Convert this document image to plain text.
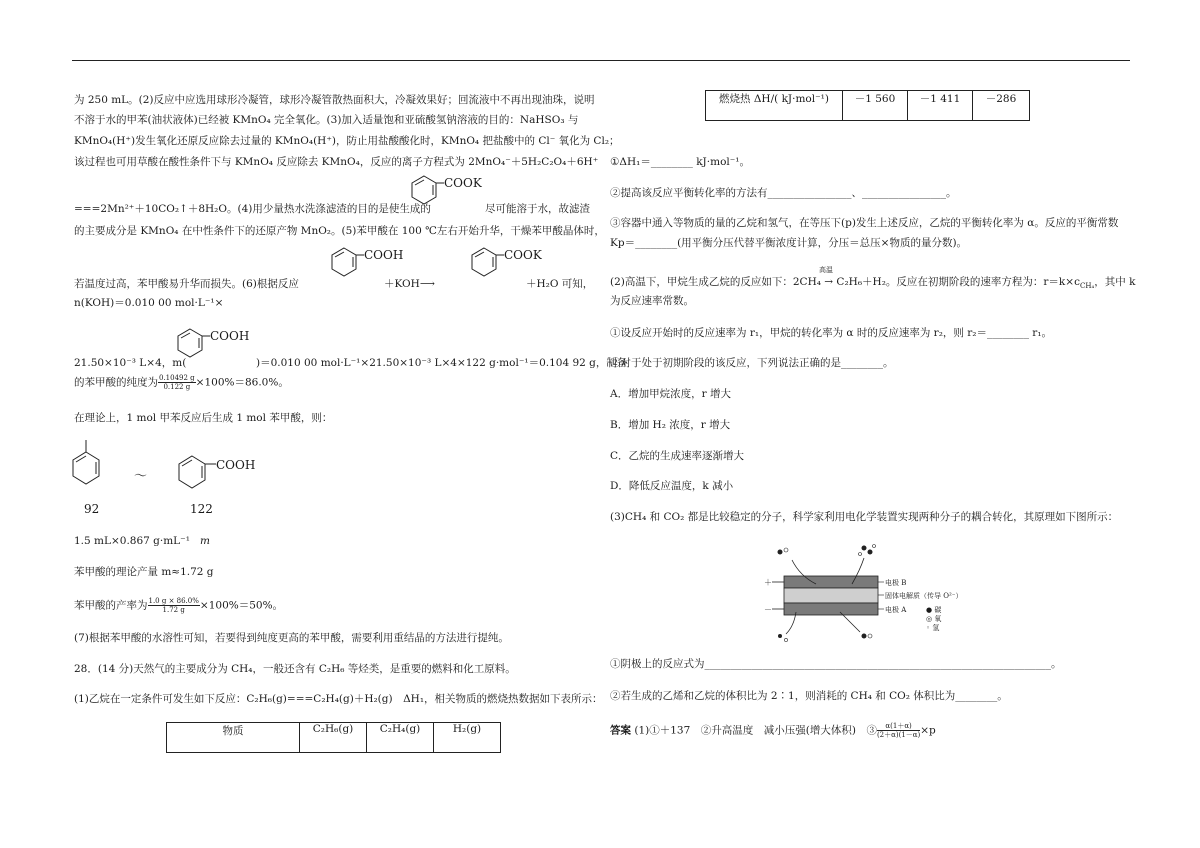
为 250 mL。(2)反应中应选用球形冷凝管，球形冷凝管散热面积大，冷凝效果好；回流液中不再出现油珠，说明
不溶于水的甲苯(油状液体)已经被 KMnO₄ 完全氧化。(3)加入适量饱和亚硫酸氢钠溶液的目的：NaHSO₃ 与
KMnO₄(H⁺)发生氧化还原反应除去过量的 KMnO₄(H⁺)，防止用盐酸酸化时，KMnO₄ 把盐酸中的 Cl⁻ 氧化为 Cl₂；
该过程也可用草酸在酸性条件下与 KMnO₄ 反应除去 KMnO₄，反应的离子方程式为 2MnO₄⁻＋5H₂C₂O₄＋6H⁺
COOK
===2Mn²⁺＋10CO₂↑＋8H₂O。(4)用少量热水洗涤滤渣的目的是使生成的	尽可能溶于水，故滤渣
的主要成分是 KMnO₄ 在中性条件下的还原产物 MnO₂。(5)苯甲酸在 100 ℃左右开始升华，干燥苯甲酸晶体时，
COOH	COOK
若温度过高，苯甲酸易升华而损失。(6)根据反应	＋KOH⟶	＋H₂O 可知，
n(KOH)＝0.010 00 mol·L⁻¹×
COOH
21.50×10⁻³ L×4，m(	)＝0.010 00 mol·L⁻¹×21.50×10⁻³ L×4×122 g·mol⁻¹＝0.104 92 g，制备
的苯甲酸的纯度为 $\frac{0.10492 g}{0.122 g} \times 100\%=86.0\%$。
在理论上，1 mol 甲苯反应后生成 1 mol 苯甲酸，则：
～
COOH
92	122
1.5 mL×0.867 g·mL⁻¹ m
苯甲酸的理论产量 m≈1.72 g
苯甲酸的产率为 $\frac{1.0 g \times 86.0\%}{1.72 g} \times 100\%=50\%$。
(7)根据苯甲酸的水溶性可知，若要得到纯度更高的苯甲酸，需要利用重结晶的方法进行提纯。
28．(14 分)天然气的主要成分为 CH₄，一般还含有 C₂H₆ 等烃类，是重要的燃料和化工原料。
(1)乙烷在一定条件可发生如下反应：C₂H₆(g)===C₂H₄(g)＋H₂(g)　ΔH₁，相关物质的燃烧热数据如下表所示：
物质	C₂H₆(g)	C₂H₄(g)	H₂(g)
燃烧热 ΔH/( kJ·mol⁻¹)	－1 560	－1 411	－286
①ΔH₁＝________ kJ·mol⁻¹。
②提高该反应平衡转化率的方法有________________、________________。
③容器中通入等物质的量的乙烷和氢气，在等压下(p)发生上述反应，乙烷的平衡转化率为 α。反应的平衡常数
Kp＝________(用平衡分压代替平衡浓度计算，分压＝总压×物质的量分数)。
高温
(2)高温下，甲烷生成乙烷的反应如下：2CH₄ → C₂H₆＋H₂。反应在初期阶段的速率方程为：$r=k\times c_{CH_4}$，其中 k
为反应速率常数。
①设反应开始时的反应速率为 r₁，甲烷的转化率为 α 时的反应速率为 r₂，则 r₂＝________ r₁。
②对于处于初期阶段的该反应，下列说法正确的是________。
A．增加甲烷浓度，r 增大
B．增加 H₂ 浓度，r 增大
C．乙烷的生成速率逐渐增大
D．降低反应温度，k 减小
(3)CH₄ 和 CO₂ 都是比较稳定的分子，科学家利用电化学装置实现两种分子的耦合转化，其原理如下图所示：
＋
－
电极 B
固体电解质（传导 O²⁻）
电极 A	● 碳
◎ 氧
◦ 氢
①阴极上的反应式为__________________________________________________________________。
②若生成的乙烯和乙烷的体积比为 2∶1，则消耗的 CH₄ 和 CO₂ 体积比为________。
答案 (1)①＋137　②升高温度　减小压强(增大体积)　③ $\frac{\alpha(1+\alpha)}{(2+\alpha)(1-\alpha)} \times p$
